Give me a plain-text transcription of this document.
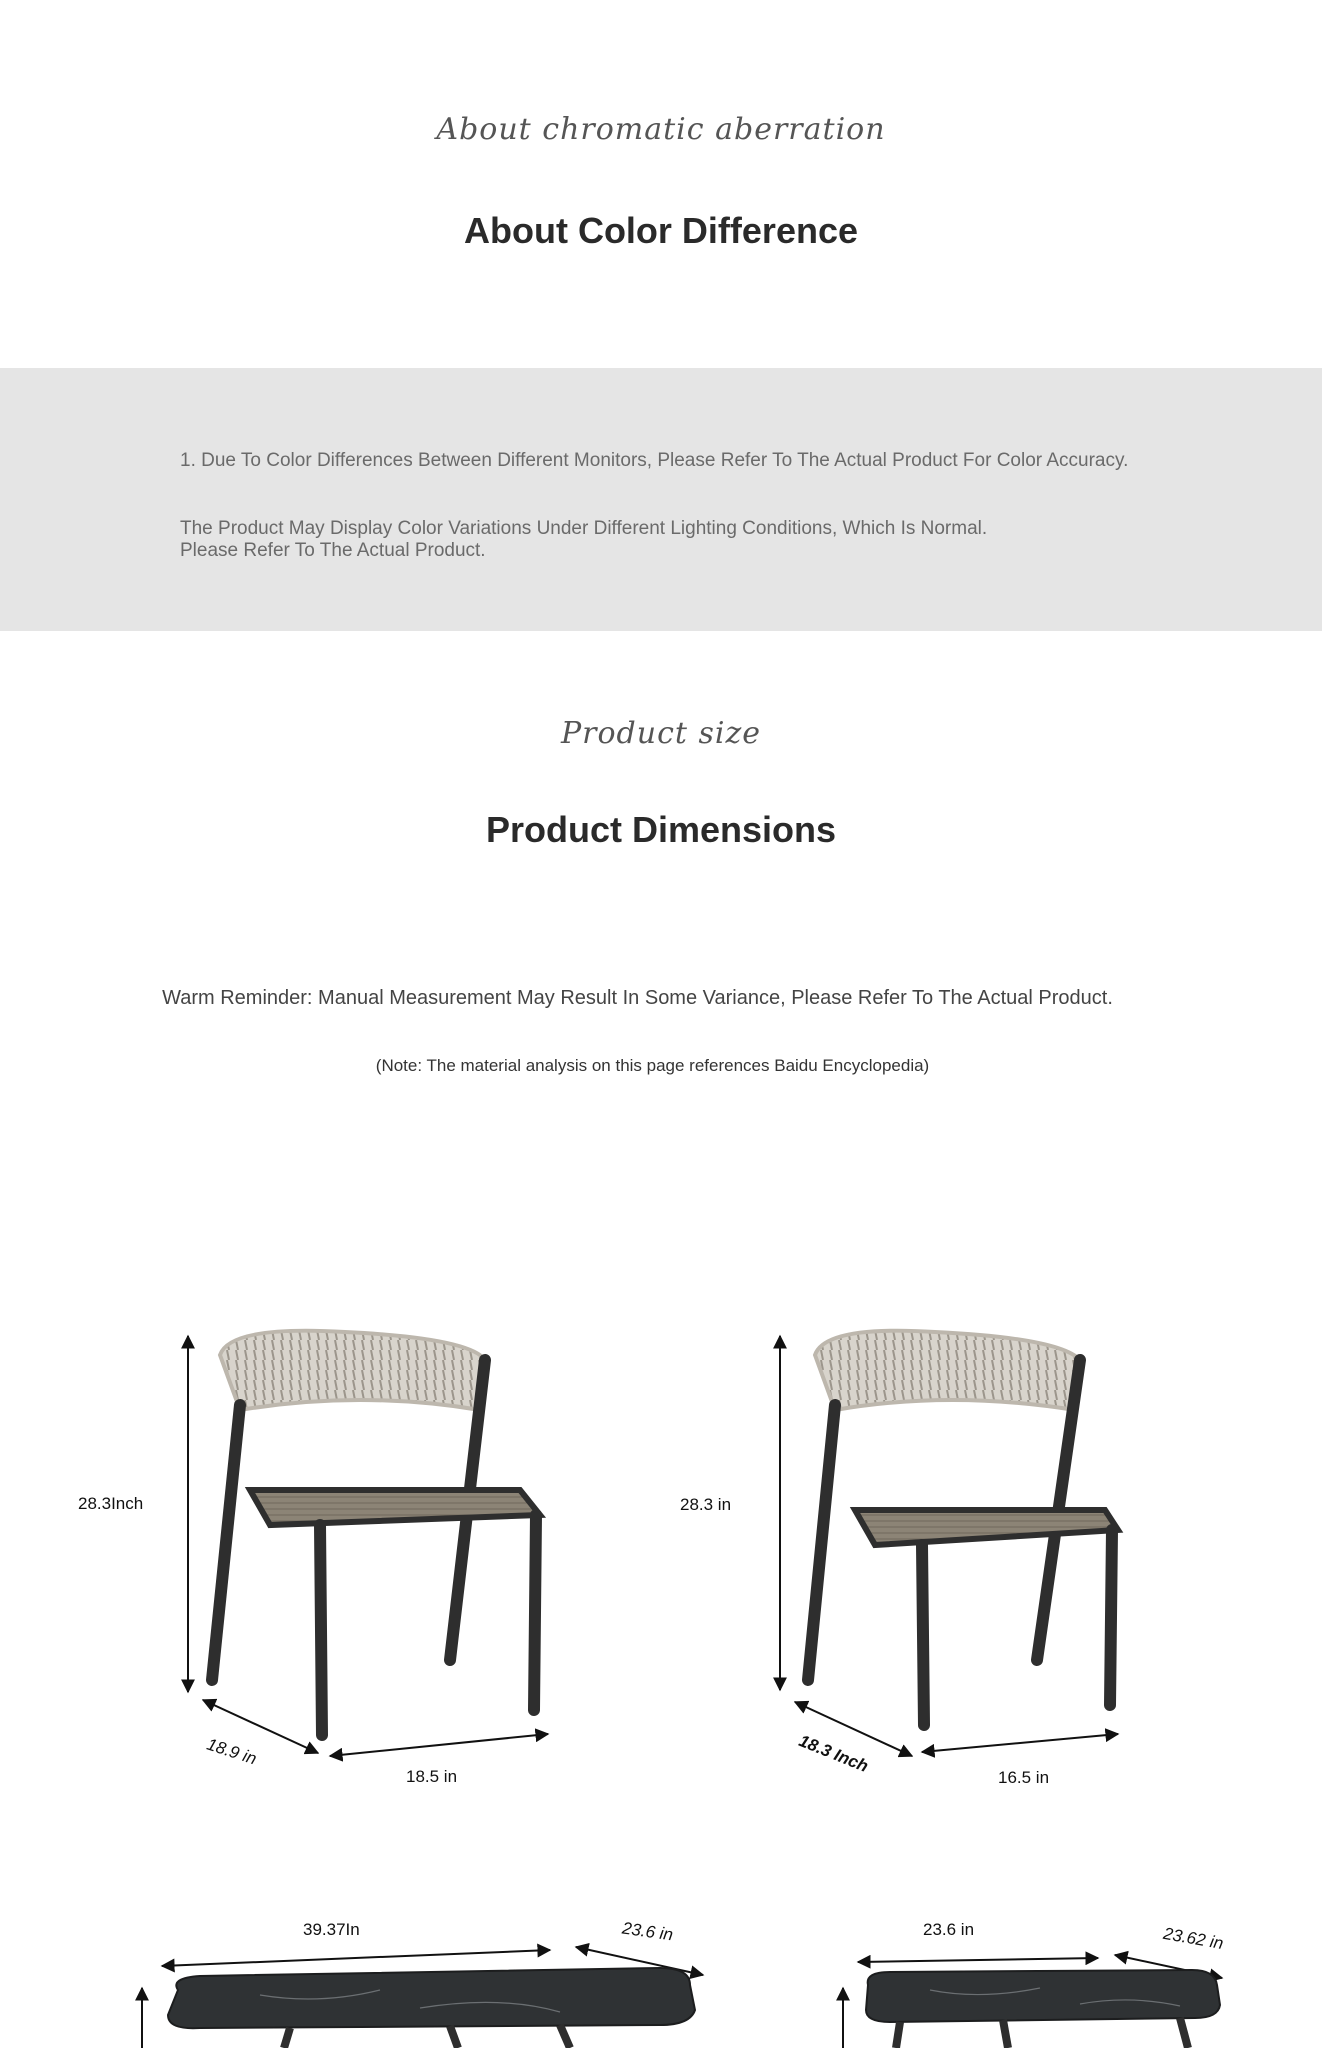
About chromatic aberration
About Color Difference
1. Due To Color Differences Between Different Monitors, Please Refer To The Actual Product For Color Accuracy.
The Product May Display Color Variations Under Different Lighting Conditions, Which Is Normal.
Please Refer To The Actual Product.
Product size
Product Dimensions
Warm Reminder: Manual Measurement May Result In Some Variance, Please Refer To The Actual Product.
(Note: The material analysis on this page references Baidu Encyclopedia)
28.3Inch
18.9 in
18.5 in
28.3 in
18.3 Inch
16.5 in
39.37In	23.6 in	23.6 in	23.62 in
